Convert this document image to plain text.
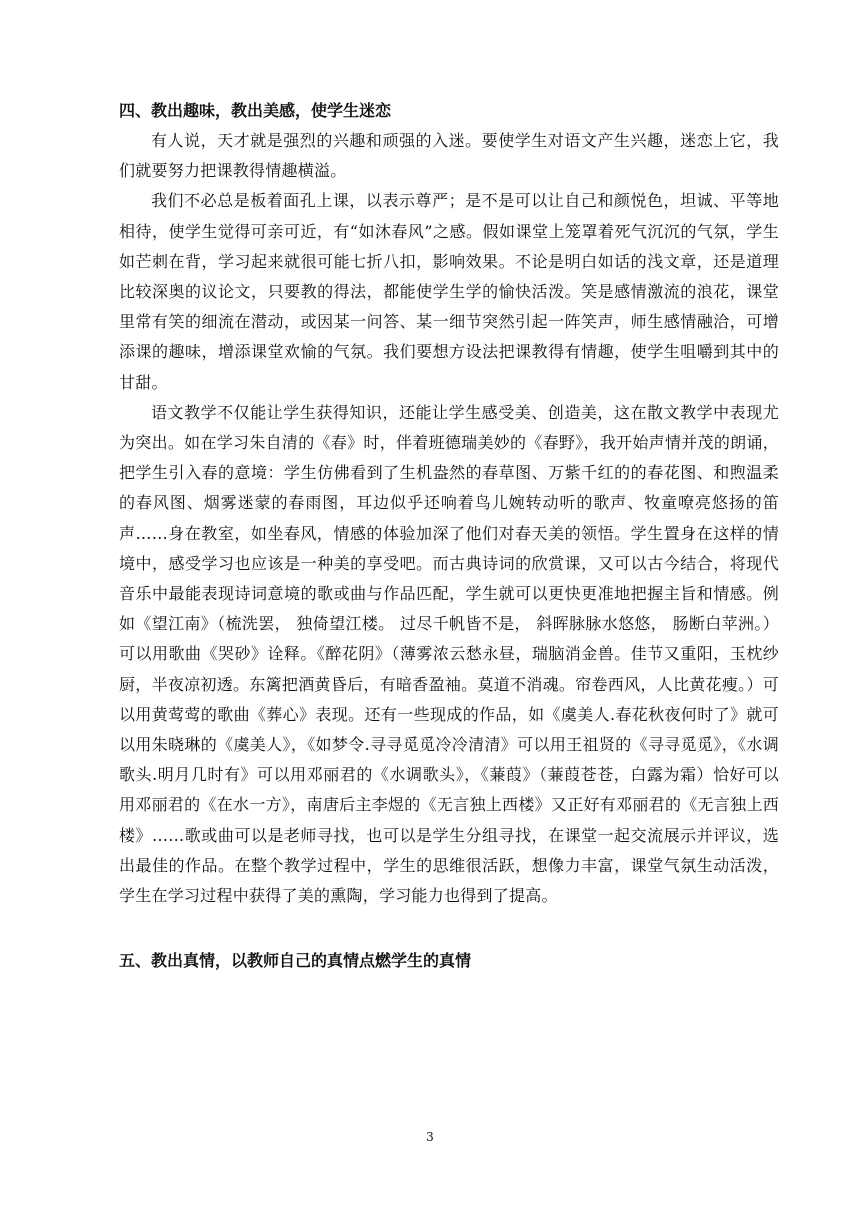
四、教出趣味，教出美感，使学生迷恋

有人说，天才就是强烈的兴趣和顽强的入迷。要使学生对语文产生兴趣，迷恋上它，我们就要努力把课教得情趣横溢。

我们不必总是板着面孔上课，以表示尊严；是不是可以让自己和颜悦色，坦诚、平等地相待，使学生觉得可亲可近，有“如沐春风”之感。假如课堂上笼罩着死气沉沉的气氛，学生如芒刺在背，学习起来就很可能七折八扣，影响效果。不论是明白如话的浅文章，还是道理比较深奥的议论文，只要教的得法，都能使学生学的愉快活泼。笑是感情激流的浪花，课堂里常有笑的细流在潜动，或因某一问答、某一细节突然引起一阵笑声，师生感情融洽，可增添课的趣味，增添课堂欢愉的气氛。我们要想方设法把课教得有情趣，使学生咀嚼到其中的甘甜。

语文教学不仅能让学生获得知识，还能让学生感受美、创造美，这在散文教学中表现尤为突出。如在学习朱自清的《春》时，伴着班德瑞美妙的《春野》，我开始声情并茂的朗诵，把学生引入春的意境：学生仿佛看到了生机盎然的春草图、万紫千红的的春花图、和煦温柔的春风图、烟雾迷蒙的春雨图，耳边似乎还响着鸟儿婉转动听的歌声、牧童嘹亮悠扬的笛声……身在教室，如坐春风，情感的体验加深了他们对春天美的领悟。学生置身在这样的情境中，感受学习也应该是一种美的享受吧。而古典诗词的欣赏课，又可以古今结合，将现代音乐中最能表现诗词意境的歌或曲与作品匹配，学生就可以更快更准地把握主旨和情感。例如《望江南》（梳洗罢， 独倚望江楼。 过尽千帆皆不是， 斜晖脉脉水悠悠， 肠断白苹洲。）可以用歌曲《哭砂》诠释。《醉花阴》（薄雾浓云愁永昼，瑞脑消金兽。佳节又重阳，玉枕纱厨，半夜凉初透。东篱把酒黄昏后，有暗香盈袖。莫道不消魂。帘卷西风，人比黄花瘦。）可以用黄莺莺的歌曲《葬心》表现。还有一些现成的作品，如《虞美人.春花秋夜何时了》就可以用朱晓琳的《虞美人》，《如梦令.寻寻觅觅冷冷清清》可以用王祖贤的《寻寻觅觅》，《水调歌头.明月几时有》可以用邓丽君的《水调歌头》，《蒹葭》（蒹葭苍苍，白露为霜）恰好可以用邓丽君的《在水一方》，南唐后主李煜的《无言独上西楼》又正好有邓丽君的《无言独上西楼》……歌或曲可以是老师寻找，也可以是学生分组寻找，在课堂一起交流展示并评议，选出最佳的作品。在整个教学过程中，学生的思维很活跃，想像力丰富，课堂气氛生动活泼，学生在学习过程中获得了美的熏陶，学习能力也得到了提高。

五、教出真情，以教师自己的真情点燃学生的真情
3
